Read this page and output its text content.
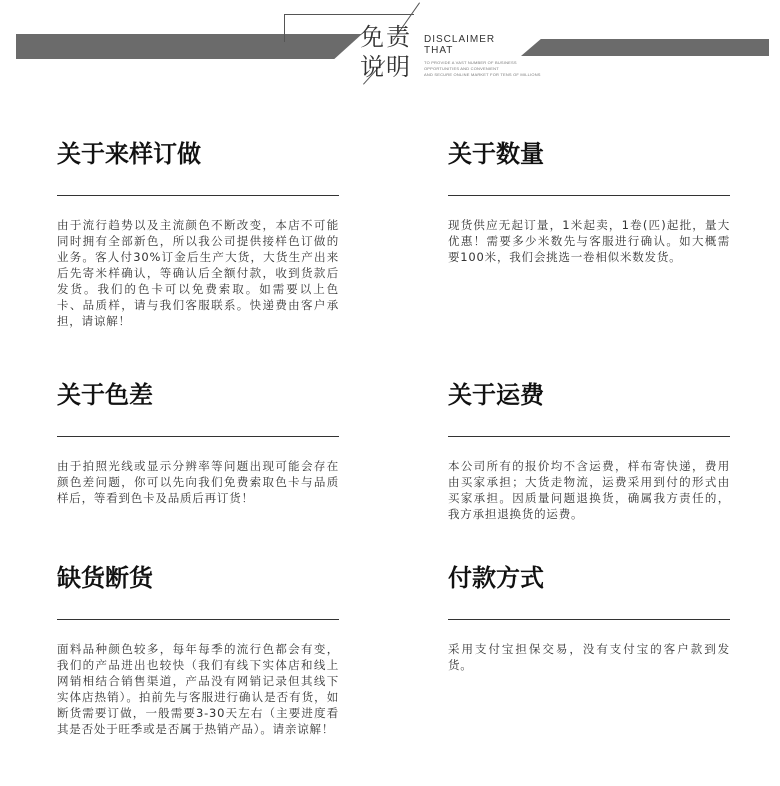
免责
说明
DISCLAIMER
THAT
TO PROVIDE A VAST NUMBER OF BUSINESS
OPPORTUNITIES AND CONVENIENT
AND SECURE ONLINE MARKET FOR TENS OF MILLIONS
关于来样订做

由于流行趋势以及主流颜色不断改变，本店不可能同时拥有全部新色，所以我公司提供接样色订做的业务。客人付30%订金后生产大货，大货生产出来后先寄米样确认，等确认后全额付款，收到货款后发货。我们的色卡可以免费索取。如需要以上色卡、品质样，请与我们客服联系。快递费由客户承担，请谅解！

关于数量

现货供应无起订量，1米起卖，1卷(匹)起批，量大优惠！需要多少米数先与客服进行确认。如大概需要100米，我们会挑选一卷相似米数发货。

关于色差

由于拍照光线或显示分辨率等问题出现可能会存在颜色差问题，你可以先向我们免费索取色卡与品质样后，等看到色卡及品质后再订货！

关于运费

本公司所有的报价均不含运费，样布寄快递，费用由买家承担；大货走物流，运费采用到付的形式由买家承担。因质量问题退换货，确属我方责任的，我方承担退换货的运费。

缺货断货

面料品种颜色较多，每年每季的流行色都会有变，我们的产品进出也较快（我们有线下实体店和线上网销相结合销售渠道，产品没有网销记录但其线下实体店热销）。拍前先与客服进行确认是否有货，如断货需要订做，一般需要3-30天左右（主要进度看其是否处于旺季或是否属于热销产品）。请亲谅解！

付款方式

采用支付宝担保交易，没有支付宝的客户款到发货。
